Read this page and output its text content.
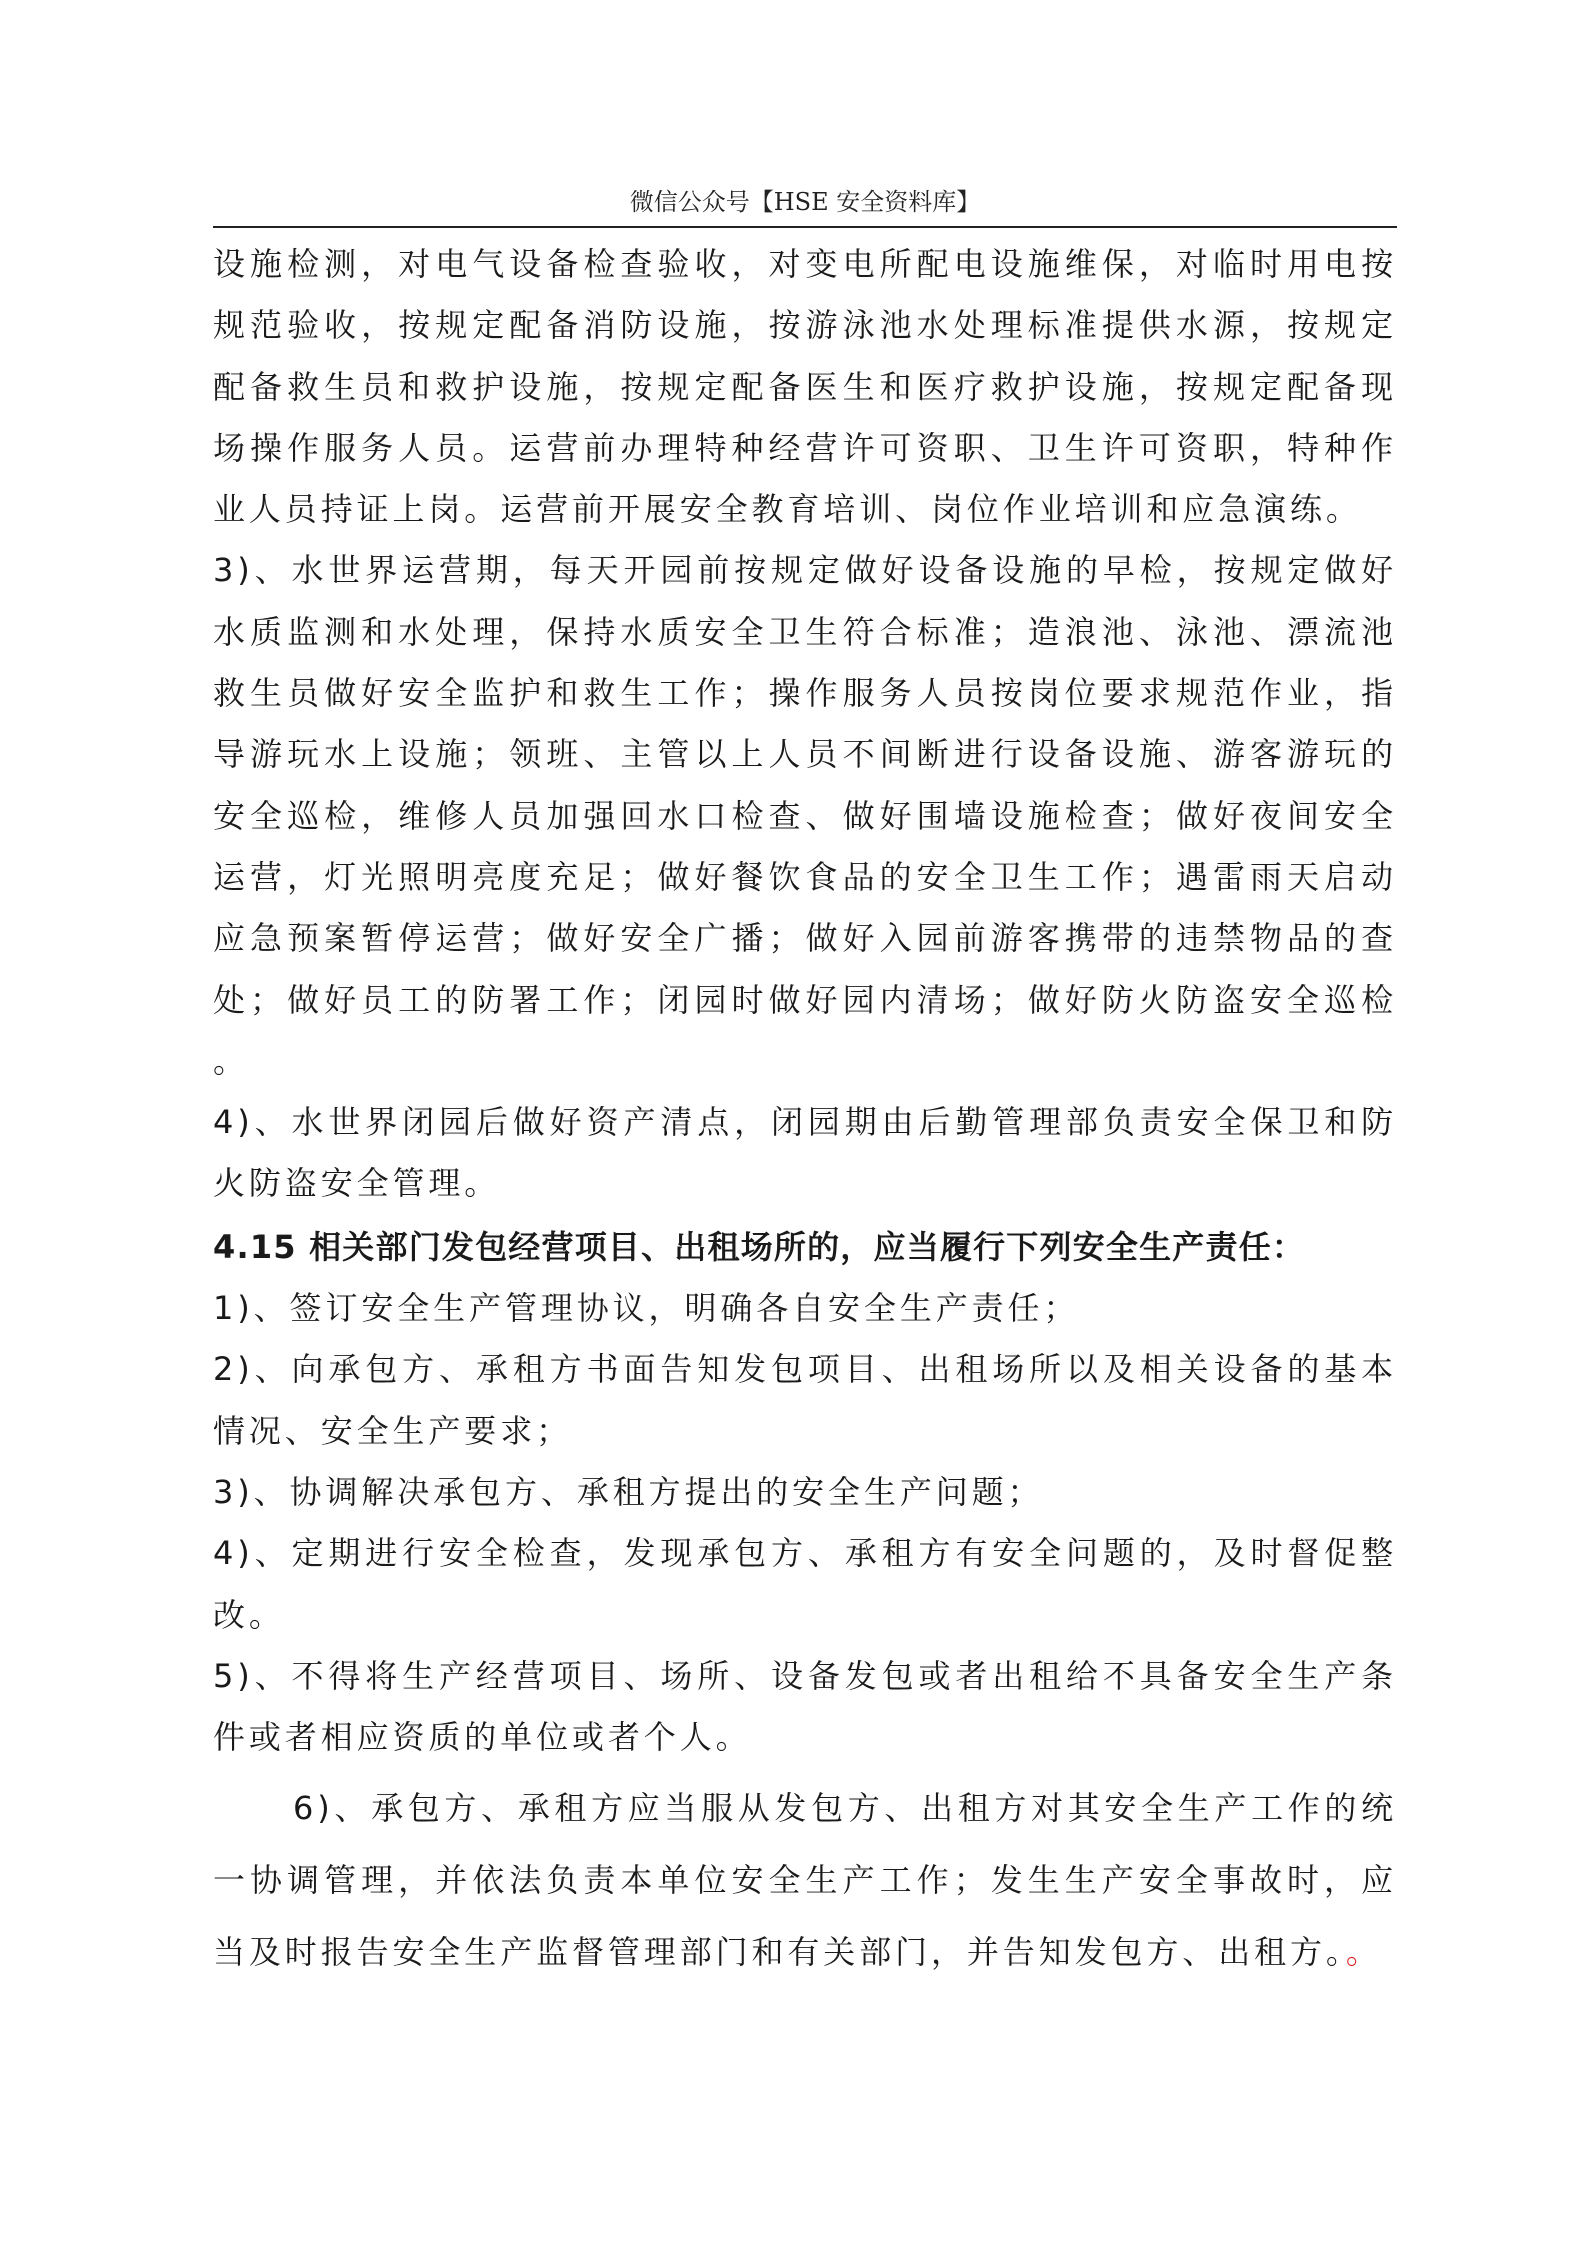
微信公众号【HSE 安全资料库】

设施检测，对电气设备检查验收，对变电所配电设施维保，对临时用电按规范验收，按规定配备消防设施，按游泳池水处理标准提供水源，按规定配备救生员和救护设施，按规定配备医生和医疗救护设施，按规定配备现场操作服务人员。运营前办理特种经营许可资职、卫生许可资职，特种作业人员持证上岗。运营前开展安全教育培训、岗位作业培训和应急演练。

3)、水世界运营期，每天开园前按规定做好设备设施的早检，按规定做好水质监测和水处理，保持水质安全卫生符合标准；造浪池、泳池、漂流池救生员做好安全监护和救生工作；操作服务人员按岗位要求规范作业，指导游玩水上设施；领班、主管以上人员不间断进行设备设施、游客游玩的安全巡检，维修人员加强回水口检查、做好围墙设施检查；做好夜间安全运营，灯光照明亮度充足；做好餐饮食品的安全卫生工作；遇雷雨天启动应急预案暂停运营；做好安全广播；做好入园前游客携带的违禁物品的查处；做好员工的防署工作；闭园时做好园内清场；做好防火防盗安全巡检。

4)、水世界闭园后做好资产清点，闭园期由后勤管理部负责安全保卫和防火防盗安全管理。

4.15 相关部门发包经营项目、出租场所的，应当履行下列安全生产责任：

1)、签订安全生产管理协议，明确各自安全生产责任；

2)、向承包方、承租方书面告知发包项目、出租场所以及相关设备的基本情况、安全生产要求；

3)、协调解决承包方、承租方提出的安全生产问题；

4)、定期进行安全检查，发现承包方、承租方有安全问题的，及时督促整改。

5)、不得将生产经营项目、场所、设备发包或者出租给不具备安全生产条件或者相应资质的单位或者个人。

6)、承包方、承租方应当服从发包方、出租方对其安全生产工作的统一协调管理，并依法负责本单位安全生产工作；发生生产安全事故时，应当及时报告安全生产监督管理部门和有关部门，并告知发包方、出租方。。
